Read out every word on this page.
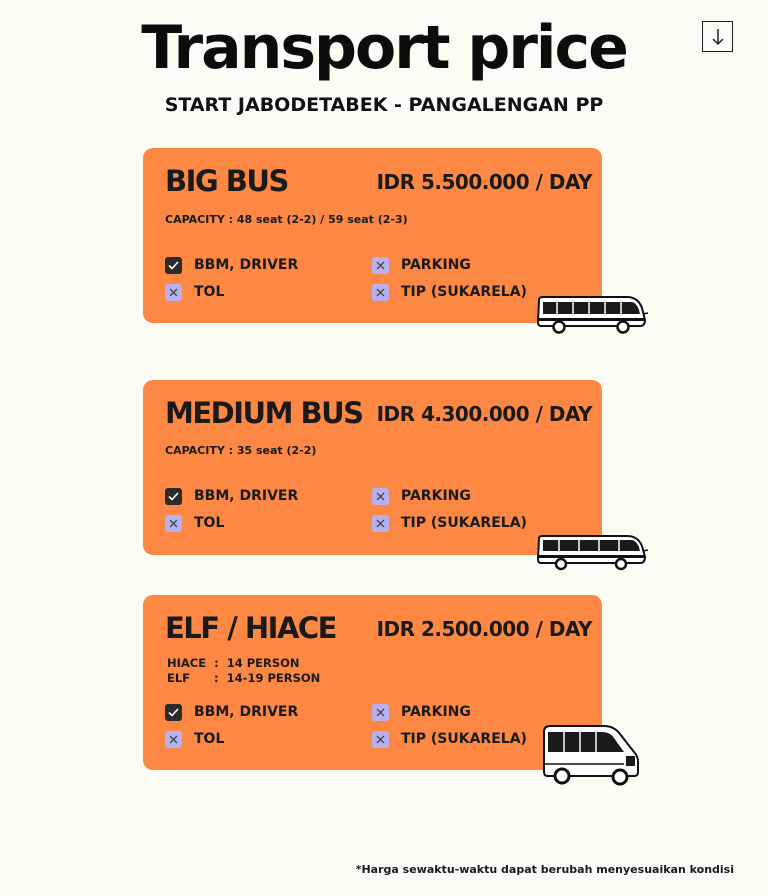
Transport price
START JABODETABEK - PANGALENGAN PP
BIG BUS	IDR 5.500.000 / DAY
CAPACITY : 48 seat (2-2) / 59 seat (2-3)
BBM, DRIVER	PARKING
TOL	TIP (SUKARELA)
MEDIUM BUS IDR 4.300.000 / DAY
CAPACITY : 35 seat (2-2)
BBM, DRIVER	PARKING
TOL	TIP (SUKARELA)
ELF / HIACE IDR 2.500.000 / DAY
HIACE  :  14 PERSON
ELF      :  14-19 PERSON
BBM, DRIVER	PARKING
TOL	TIP (SUKARELA)
*Harga sewaktu-waktu dapat berubah menyesuaikan kondisi
